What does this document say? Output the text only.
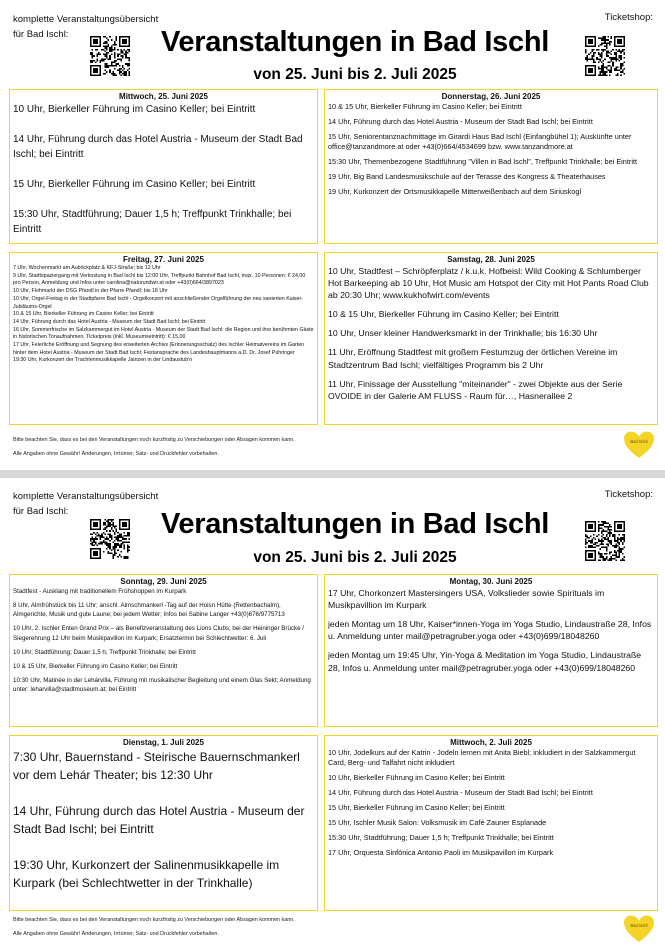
komplette Veranstaltungsübersicht
für Bad Ischl:
Ticketshop:
Veranstaltungen in Bad Ischl
von 25. Juni bis 2. Juli 2025
Mittwoch, 25. Juni 2025
10 Uhr, Bierkeller Führung im Casino Keller; bei Eintritt
14 Uhr, Führung durch das Hotel Austria - Museum der Stadt Bad Ischl; bei Eintritt
15 Uhr, Bierkeller Führung im Casino Keller; bei Eintritt
15:30 Uhr, Stadtführung; Dauer 1,5 h; Treffpunkt Trinkhalle; bei Eintritt
Donnerstag, 26. Juni 2025
10 & 15 Uhr, Bierkeller Führung im Casino Keller; bei Eintritt
14 Uhr, Führung durch das Hotel Austria - Museum der Stadt Bad Ischl; bei Eintritt
15 Uhr, Seniorentanznachmittage im Girardi Haus Bad Ischl (Einfangbühel 1); Auskünfte unter office@tanzandmore.at oder +43(0)664/4534699 bzw. www.tanzandmore.at
15:30 Uhr, Themenbezogene Stadtführung "Villen in Bad Ischl", Treffpunkt Trinkhalle; bei Eintritt
19 Uhr, Big Band Landesmusikschule auf der Terasse des Kongress & Theaterhauses
19 Uhr, Kurkonzert der Ortsmusikkapelle Mitterweißenbach auf dem Siriuskogl
Freitag, 27. Juni 2025
7 Uhr, Wochenmarkt am Auböckplatz & KFJ-Straße; bis 12 Uhr
9 Uhr, Stadtspaziergang mit Verkostung in Bad Ischl bis 12:00 Uhr, Treffpunkt Bahnhof Bad Ischl, max. 10 Personen; € 24,00 pro Person, Anmeldung und Infos unter carolina@naturundwir.at oder +43(0)664/3897023
10 Uhr, Flohmarkt der DSG Pfandl in der Pfarre Pfandl; bis 18 Uhr
10 Uhr, Orgel-Freitag in der Stadtpfarre Bad Ischl - Orgelkonzert mit anschließender Orgelführung der neu sanierten Kaiser-Jubiläums-Orgel
10 & 15 Uhr, Bierkeller Führung im Casino Keller; bei Eintritt
14 Uhr, Führung durch das Hotel Austria - Museum der Stadt Bad Ischl; bei Eintritt
16 Uhr, Sommerfrische im Salzkammergut im Hotel Austria - Museum der Stadt Bad Ischl: die Region und ihre berühmten Gäste in historischen Tonaufnahmen, Ticketpreis (inkl. Museumseintritt): € 15,00
17 Uhr, Feierliche Eröffnung und Segnung des erweiterten Archivs (Erinnerungsschatz) des Ischler Heimatvereins im Garten hinter dem Hotel Austria - Museum der Stadt Bad Ischl; Festansprache des Landeshauptmanns a.D. Dr. Josef Pühringer
19:30 Uhr, Kurkonzert der Trachtenmusikkapelle Jainzen in der Lindaustub'n
Samstag, 28. Juni 2025
10 Uhr, Stadtfest – Schröpferplatz / k.u.k. Hofbeisl: Wild Cooking & Schlumberger Hot Barkeeping ab 10 Uhr, Hot Music am Hotspot der City mit Hot Pants Road Club ab 20:30 Uhr; www.kukhofwirt.com/events
10 & 15 Uhr, Bierkeller Führung im Casino Keller; bei Eintritt
10 Uhr, Unser kleiner Handwerksmarkt in der Trinkhalle; bis 16:30 Uhr
11 Uhr, Eröffnung Stadtfest mit großem Festumzug der örtlichen Vereine im Stadtzentrum Bad Ischl; vielfältiges Programm bis 2 Uhr
11 Uhr, Finissage der Ausstellung "miteinander" - zwei Objekte aus der Serie OVOIDE in der Galerie AM FLUSS - Raum für…, Hasnerallee 2
Bitte beachten Sie, dass es bei den Veranstaltungen noch kurzfristig zu Verschiebungen oder Absagen kommen kann.
Alle Angaben ohne Gewähr! Änderungen, Irrtümer, Satz- und Druckfehler vorbehalten.
Bad Ischl
komplette Veranstaltungsübersicht
für Bad Ischl:
Ticketshop:
Veranstaltungen in Bad Ischl
von 25. Juni bis 2. Juli 2025
Sonntag, 29. Juni 2025
Stadtfest - Ausklang mit traditionellem Frühshoppen im Kurpark
8 Uhr, Almfrühstück bis 11 Uhr; anschl. Almschmankerl -Tag auf der Hoisn Hütte (Rettenbachalm), Almgerichte, Musik und gute Laune; bei jedem Wetter; Infos bei Sabine Langer +43(0)676/9775713
10 Uhr, 2. Ischler Enten Grand Prix – als Benefizveranstaltung des Lions Clubs; bei der Heininger Brücke / Siegerehrung 12 Uhr beim Musikpavillon im Kurpark; Ersatztermin bei Schlechtwetter: 6. Juli
10 Uhr, Stadtführung; Dauer 1,5 h; Treffpunkt Trinkhalle; bei Eintritt
10 & 15 Uhr, Bierkeller Führung im Casino Keller; bei Eintritt
10:30 Uhr, Matinée in der Lehárvilla, Führung mit musikalischer Begleitung und einem Glas Sekt; Anmeldung unter: leharvilla@stadtmuseum.at; bei Eintritt
Montag, 30. Juni 2025
17 Uhr, Chorkonzert Mastersingers USA, Volkslieder sowie Spirituals im Musikpavillion im Kurpark
jeden Montag um 18 Uhr, Kaiser*innen-Yoga im Yoga Studio, Lindaustraße 28, Infos u. Anmeldung unter mail@petragruber.yoga oder +43(0)699/18048260
jeden Montag um 19:45 Uhr, Yin-Yoga & Meditation im Yoga Studio, Lindaustraße 28, Infos u. Anmeldung unter mail@petragruber.yoga oder +43(0)699/18048260
Dienstag, 1. Juli 2025
7:30 Uhr, Bauernstand - Steirische Bauernschmankerl vor dem Lehár Theater; bis 12:30 Uhr
14 Uhr, Führung durch das Hotel Austria - Museum der Stadt Bad Ischl; bei Eintritt
19:30 Uhr, Kurkonzert der Salinenmusikkapelle im Kurpark (bei Schlechtwetter in der Trinkhalle)
Mittwoch, 2. Juli 2025
10 Uhr, Jodelkurs auf der Katrin - Jodeln lernen mit Anita Biebl; inkludiert in der Salzkammergut Card, Berg- und Talfahrt nicht inkludiert
10 Uhr, Bierkeller Führung im Casino Keller; bei Eintritt
14 Uhr, Führung durch das Hotel Austria - Museum der Stadt Bad Ischl; bei Eintritt
15 Uhr, Bierkeller Führung im Casino Keller; bei Eintritt
15 Uhr, Ischler Musik Salon: Volksmusik im Café Zauner Esplanade
15:30 Uhr, Stadtführung; Dauer 1,5 h; Treffpunkt Trinkhalle; bei Eintritt
17 Uhr, Orquesta Sinfónica Antonio Paoli im Musikpavillon im Kurpark
Bitte beachten Sie, dass es bei den Veranstaltungen noch kurzfristig zu Verschiebungen oder Absagen kommen kann.
Alle Angaben ohne Gewähr! Änderungen, Irrtümer, Satz- und Druckfehler vorbehalten.
Bad Ischl
